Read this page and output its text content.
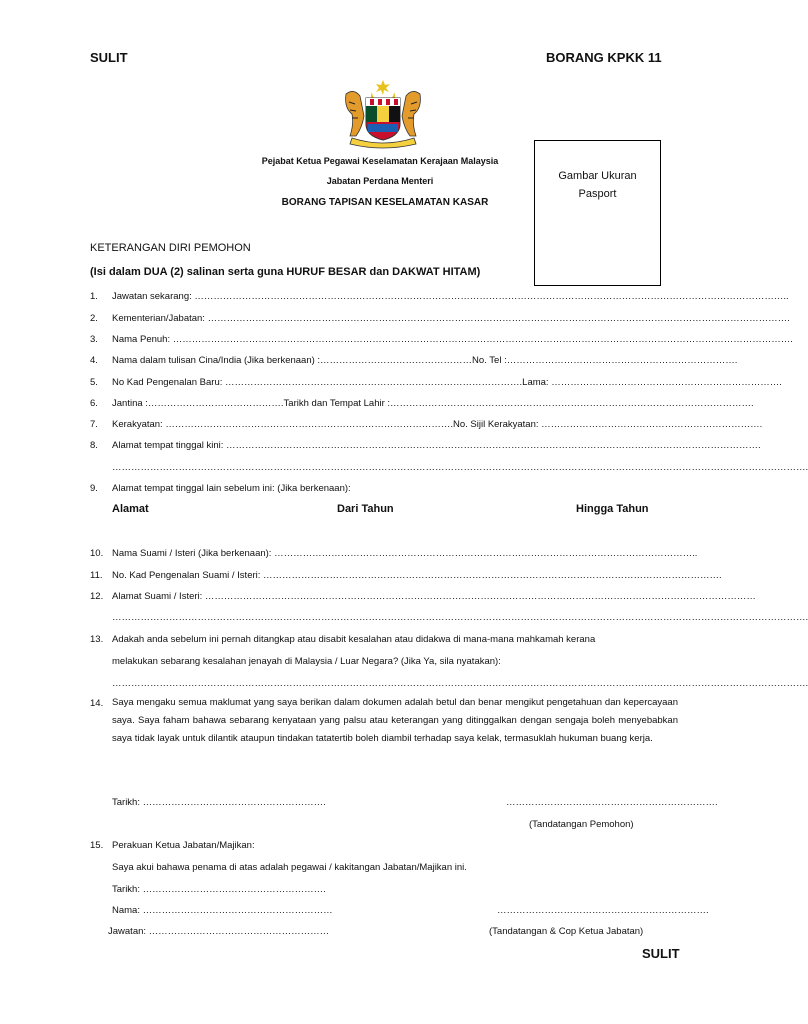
SULIT	BORANG KPKK 11
Pejabat Ketua Pegawai Keselamatan Kerajaan Malaysia
Jabatan Perdana Menteri
BORANG TAPISAN KESELAMATAN KASAR
Gambar Ukuran
Pasport
KETERANGAN DIRI PEMOHON
(Isi dalam DUA (2) salinan serta guna HURUF BESAR dan DAKWAT HITAM)
1. Jawatan sekarang: ……………………………………………………………………………………………………………………………………………………………………..
2. Kementerian/Jabatan: ………………………………………………………………………………………………………………………………………………………………….
3. Nama Penuh: …………………………………………………………………………………………………………………………………………………………………………….
4. Nama dalam tulisan Cina/India (Jika berkenaan) :…………………………………………No. Tel :……………………………………………………………….
5. No Kad Pengenalan Baru: ………………………………………………………………………………….Lama: ……………………………………………………………….
6. Jantina :…………………………………….Tarikh dan Tempat Lahir :…………………………………………………………………………………………………….
7. Kerakyatan: ……………………………………………………………………………….No. Sijil Kerakyatan: …………………………………………………………….
8. Alamat tempat tinggal kini: …………………………………………………………………………………………………………………………………………………….
………………………………………………………………………………………………………………………………………………………………………………………………….
9. Alamat tempat tinggal lain sebelum ini: (Jika berkenaan):
Alamat	Dari Tahun	Hingga Tahun
10. Nama Suami / Isteri (Jika berkenaan): ……………………………………………………………………………………………………………………..
11. No. Kad Pengenalan Suami / Isteri: ……………………………………………………………………………………………………………………………….
12. Alamat Suami / Isteri: …………………………………………………………………………………………………………………………………………………………
………………………………………………………………………………………………………………………………………………………………………………………………….
13. Adakah anda sebelum ini pernah ditangkap atau disabit kesalahan atau didakwa di mana-mana mahkamah kerana
melakukan sebarang kesalahan jenayah di Malaysia / Luar Negara? (Jika Ya, sila nyatakan):
………………………………………………………………………………………………………………………………………………………………………………………………….
14. Saya mengaku semua maklumat yang saya berikan dalam dokumen adalah betul dan benar mengikut pengetahuan dan kepercayaan saya. Saya faham bahawa sebarang kenyataan yang palsu atau keterangan yang ditinggalkan dengan sengaja boleh menyebabkan saya tidak layak untuk dilantik ataupun tindakan tatatertib boleh diambil terhadap saya kelak, termasuklah hukuman buang kerja.
Tarikh: ………………………………………………….	………………………………………………………….
(Tandatangan Pemohon)
15. Perakuan Ketua Jabatan/Majikan:
Saya akui bahawa penama di atas adalah pegawai / kakitangan Jabatan/Majikan ini.
Tarikh: ………………………………………………….
Nama: ……………………………………………………	………………………………………………………….
Jawatan: …………………………………………………	(Tandatangan & Cop Ketua Jabatan)
SULIT
